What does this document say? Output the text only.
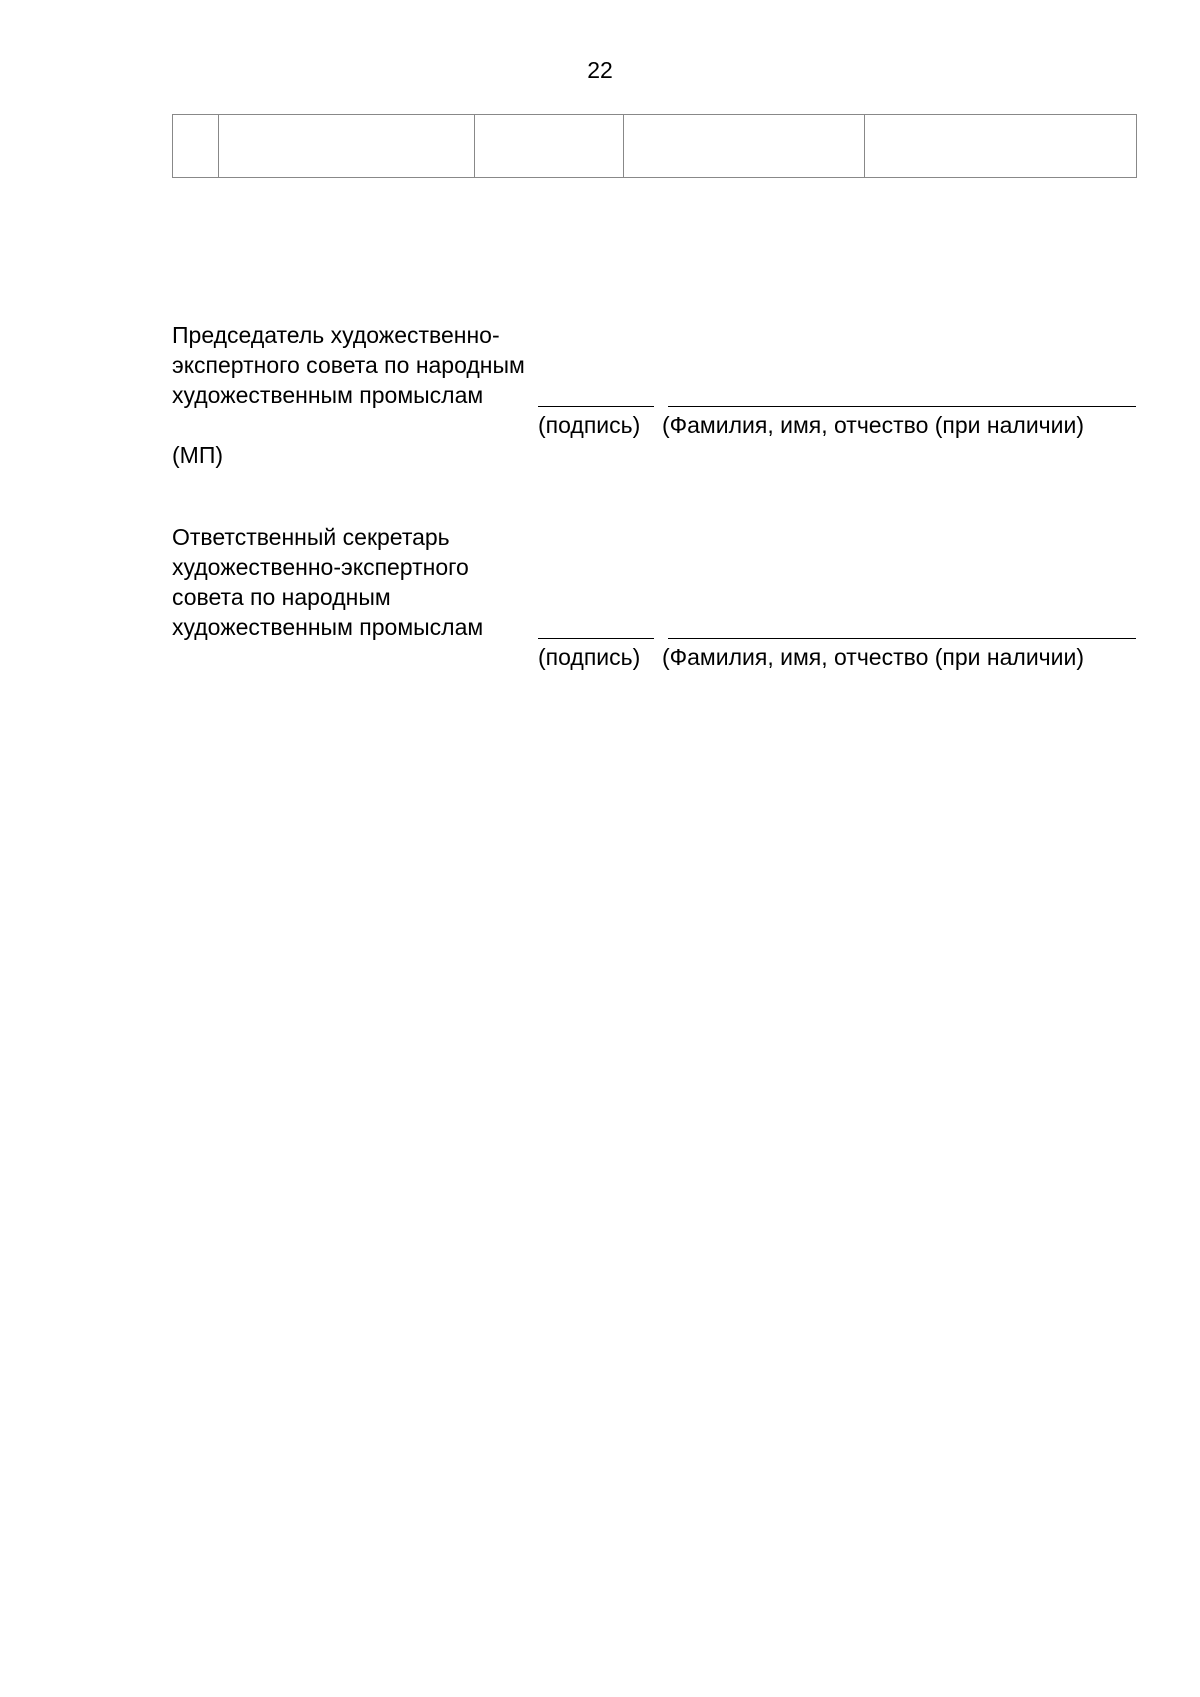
22

Председатель художественно-
экспертного совета по народным
художественным промыслам
(подпись) (Фамилия, имя, отчество (при наличии)
(МП)
Ответственный секретарь
художественно-экспертного
совета по народным
художественным промыслам
(подпись) (Фамилия, имя, отчество (при наличии)
